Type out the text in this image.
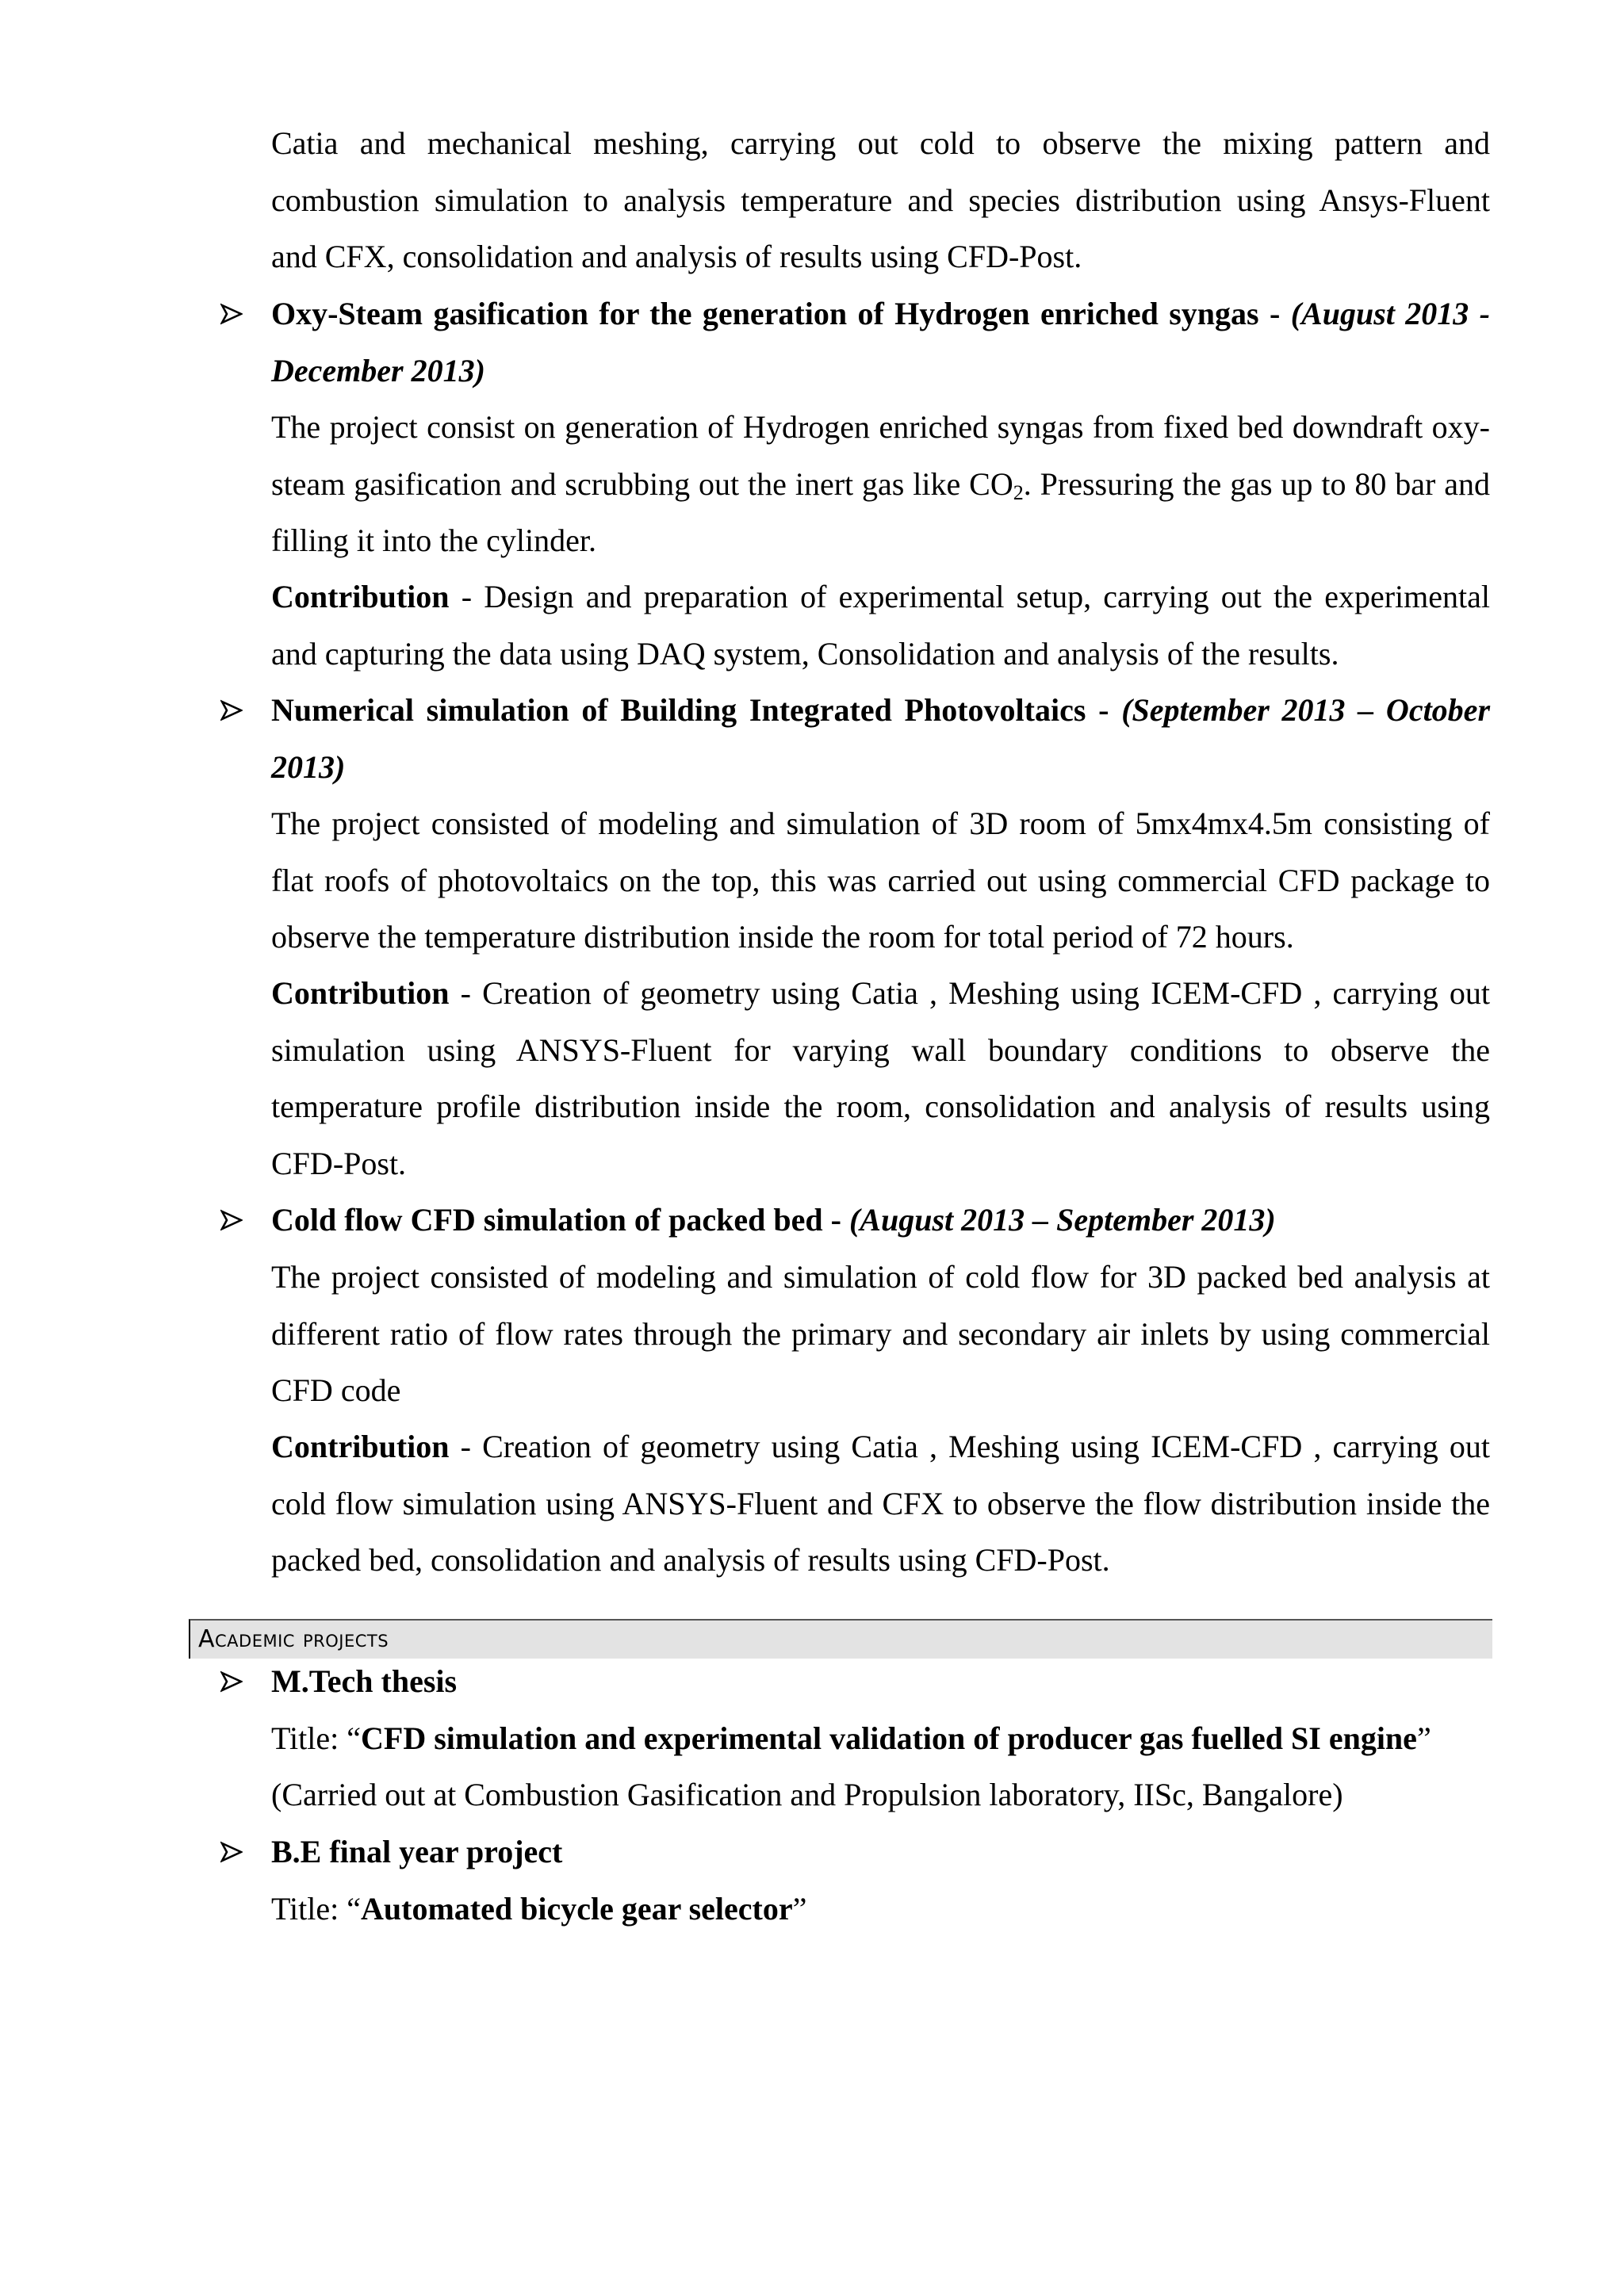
Catia and mechanical meshing, carrying out cold to observe the mixing pattern and
combustion simulation to analysis temperature and species distribution using Ansys-Fluent
and CFX, consolidation and analysis of results using CFD-Post.
Oxy-Steam gasification for the generation of Hydrogen enriched syngas - (August 2013 - December 2013)
The project consist on generation of Hydrogen enriched syngas from fixed bed downdraft oxy-steam gasification and scrubbing out the inert gas like $CO_2$. Pressuring the gas up to 80 bar and filling it into the cylinder.
Contribution - Design and preparation of experimental setup, carrying out the experimental and capturing the data using DAQ system, Consolidation and analysis of the results.
Numerical simulation of Building Integrated Photovoltaics - (September 2013 – October 2013)
The project consisted of modeling and simulation of 3D room of 5mx4mx4.5m consisting of flat roofs of photovoltaics on the top, this was carried out using commercial CFD package to observe the temperature distribution inside the room for total period of 72 hours.
Contribution - Creation of geometry using Catia , Meshing using ICEM-CFD , carrying out simulation using ANSYS-Fluent for varying wall boundary conditions to observe the temperature profile distribution inside the room, consolidation and analysis of results using CFD-Post.
Cold flow CFD simulation of packed bed - (August 2013 – September 2013)
The project consisted of modeling and simulation of cold flow for 3D packed bed analysis at different ratio of flow rates through the primary and secondary air inlets by using commercial CFD code
Contribution - Creation of geometry using Catia , Meshing using ICEM-CFD , carrying out cold flow simulation using ANSYS-Fluent and CFX to observe the flow distribution inside the packed bed, consolidation and analysis of results using CFD-Post.
Academic projects
M.Tech thesis
Title: “CFD simulation and experimental validation of producer gas fuelled SI engine”
(Carried out at Combustion Gasification and Propulsion laboratory, IISc, Bangalore)
B.E final year project
Title: “Automated bicycle gear selector”
